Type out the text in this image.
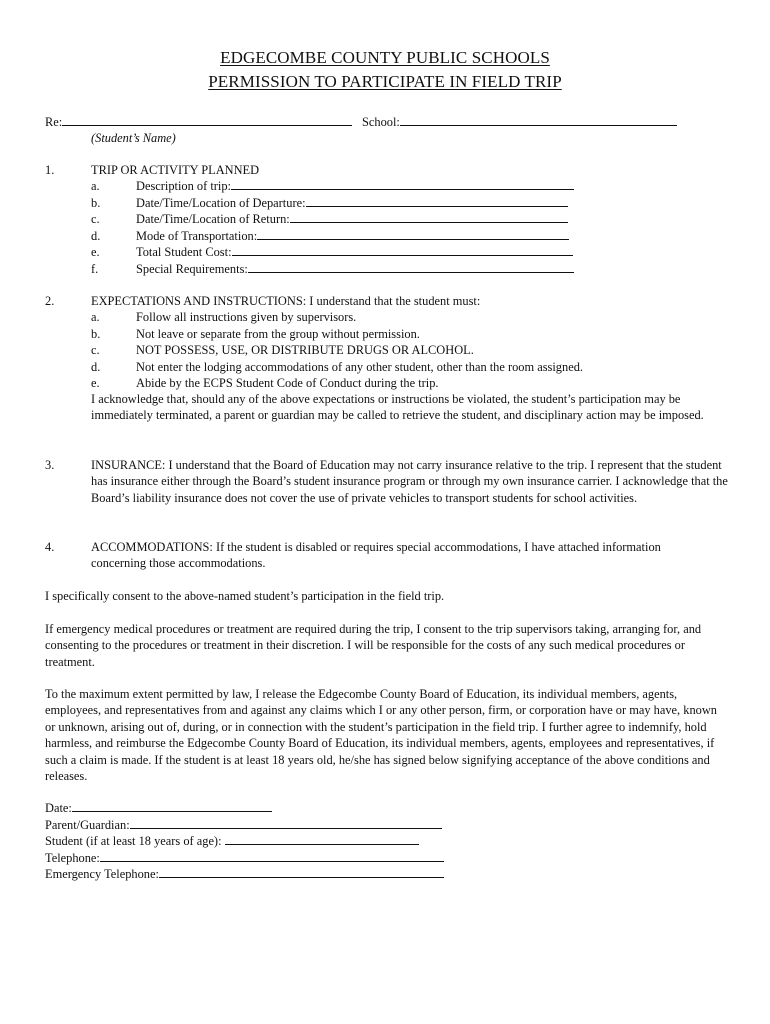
EDGECOMBE COUNTY PUBLIC SCHOOLS
PERMISSION TO PARTICIPATE IN FIELD TRIP
Re:	School:
(Student’s Name)
1.	TRIP OR ACTIVITY PLANNED
a.	Description of trip:
b.	Date/Time/Location of Departure:
c.	Date/Time/Location of Return:
d.	Mode of Transportation:
e.	Total Student Cost:
f.	Special Requirements:
2.	EXPECTATIONS AND INSTRUCTIONS: I understand that the student must:
a.	Follow all instructions given by supervisors.
b.	Not leave or separate from the group without permission.
c.	NOT POSSESS, USE, OR DISTRIBUTE DRUGS OR ALCOHOL.
d.	Not enter the lodging accommodations of any other student, other than the room assigned.
e.	Abide by the ECPS Student Code of Conduct during the trip.
I acknowledge that, should any of the above expectations or instructions be violated, the student’s participation may be immediately terminated, a parent or guardian may be called to retrieve the student, and disciplinary action may be imposed.
3.	INSURANCE: I understand that the Board of Education may not carry insurance relative to the trip. I represent that the student has insurance either through the Board’s student insurance program or through my own insurance carrier. I acknowledge that the Board’s liability insurance does not cover the use of private vehicles to transport students for school activities.
4.	ACCOMMODATIONS: If the student is disabled or requires special accommodations, I have attached information concerning those accommodations.
I specifically consent to the above-named student’s participation in the field trip.
If emergency medical procedures or treatment are required during the trip, I consent to the trip supervisors taking, arranging for, and consenting to the procedures or treatment in their discretion. I will be responsible for the costs of any such medical procedures or treatment.
To the maximum extent permitted by law, I release the Edgecombe County Board of Education, its individual members, agents, employees, and representatives from and against any claims which I or any other person, firm, or corporation have or may have, known or unknown, arising out of, during, or in connection with the student’s participation in the field trip. I further agree to indemnify, hold harmless, and reimburse the Edgecombe County Board of Education, its individual members, agents, employees and representatives, if such a claim is made. If the student is at least 18 years old, he/she has signed below signifying acceptance of the above conditions and releases.
Date:
Parent/Guardian:
Student (if at least 18 years of age):
Telephone:
Emergency Telephone:
